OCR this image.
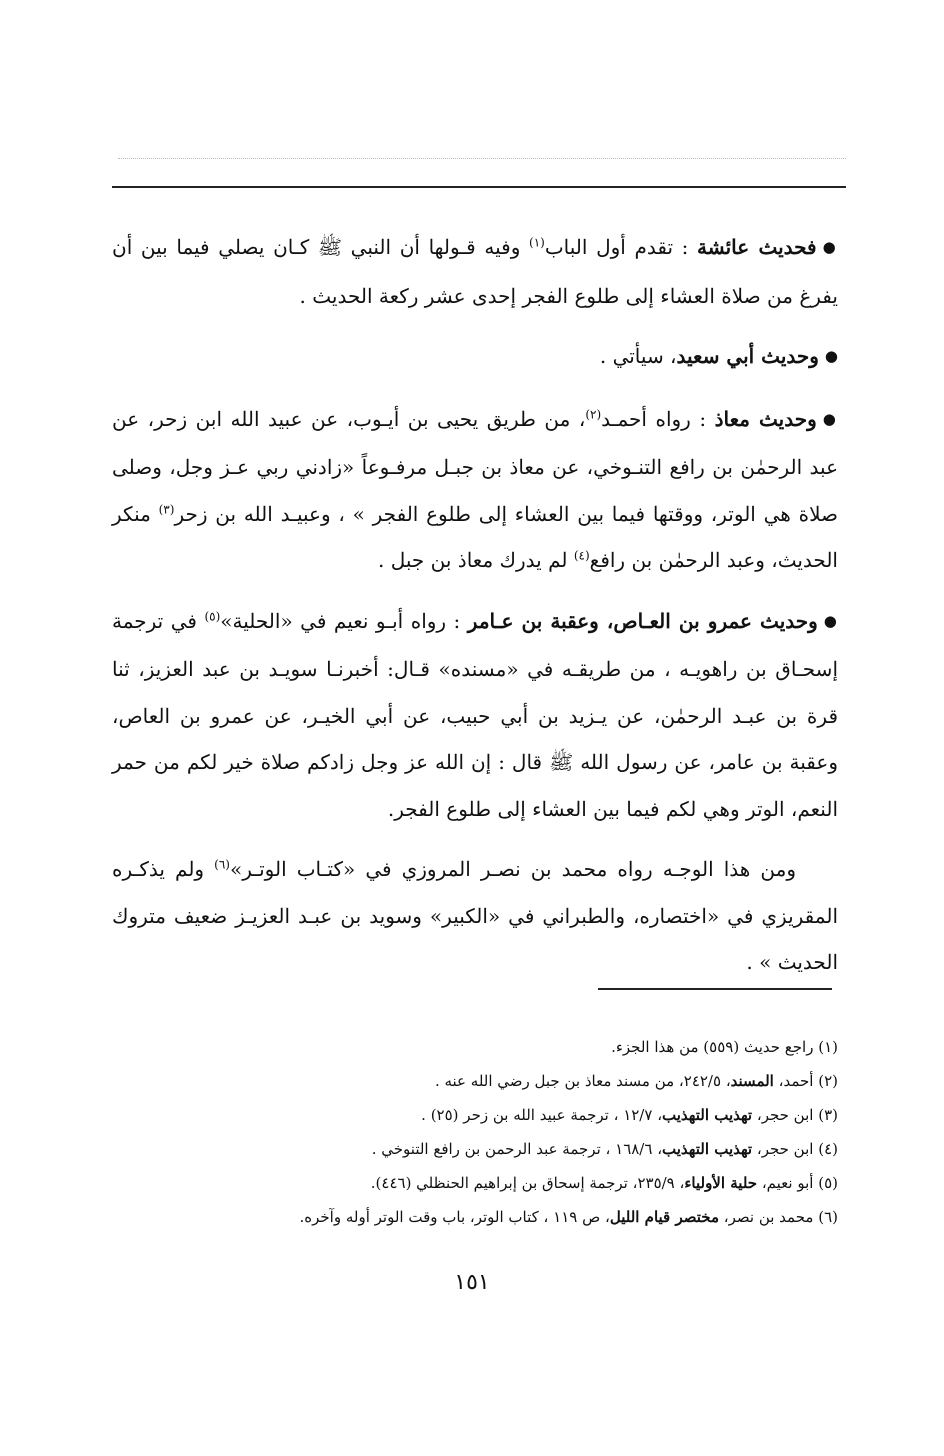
●فحديث عائشة : تقدم أول الباب$^{(١)}$ وفيه قـولها أن النبي ﷺ كـان يصلي فيما بين أن يفرغ من صلاة العشاء إلى طلوع الفجر إحدى عشر ركعة الحديث .

●وحديث أبي سعيد، سيأتي .

●وحديث معاذ : رواه أحمـد$^{(٢)}$، من طريق يحيى بن أيـوب، عن عبيد الله ابن زحر، عن عبد الرحمٰن بن رافع التنـوخي، عن معاذ بن جبـل مرفـوعاً «زادني ربي عـز وجل، وصلى صلاة هي الوتر، ووقتها فيما بين العشاء إلى طلوع الفجر » ، وعبيـد الله بن زحر$^{(٣)}$ منكر الحديث، وعبد الرحمٰن بن رافع$^{(٤)}$ لم يدرك معاذ بن جبل .

●وحديث عمرو بن العـاص، وعقبة بن عـامر : رواه أبـو نعيم في «الحلية»$^{(٥)}$ في ترجمة إسحـاق بن راهويـه ، من طريقـه في «مسنده» قـال: أخبرنـا سويـد بن عبد العزيز، ثنا قرة بن عبـد الرحمٰن، عن يـزيد بن أبي حبيب، عن أبي الخيـر، عن عمرو بن العاص، وعقبة بن عامر، عن رسول الله ﷺ قال : إن الله عز وجل زادكم صلاة خير لكم من حمر النعم، الوتر وهي لكم فيما بين العشاء إلى طلوع الفجر.

ومن هذا الوجـه رواه محمد بن نصـر المروزي في «كتـاب الوتـر»$^{(٦)}$ ولم يذكـره المقريزي في «اختصاره، والطبراني في «الكبير» وسويد بن عبـد العزيـز ضعيف متروك الحديث » .

(١) راجع حديث (٥٥٩) من هذا الجزء.
(٢) أحمد، المسند، ٢٤٢/٥، من مسند معاذ بن جبل رضي الله عنه .
(٣) ابن حجر، تهذيب التهذيب، ١٢/٧ ، ترجمة عبيد الله بن زحر (٢٥) .
(٤) ابن حجر، تهذيب التهذيب، ١٦٨/٦ ، ترجمة عبد الرحمن بن رافع التنوخي .
(٥) أبو نعيم، حلية الأولياء، ٢٣٥/٩، ترجمة إسحاق بن إبراهيم الحنظلي (٤٤٦).
(٦) محمد بن نصر، مختصر قيام الليل، ص ١١٩ ، كتاب الوتر، باب وقت الوتر أوله وآخره.
١٥١
